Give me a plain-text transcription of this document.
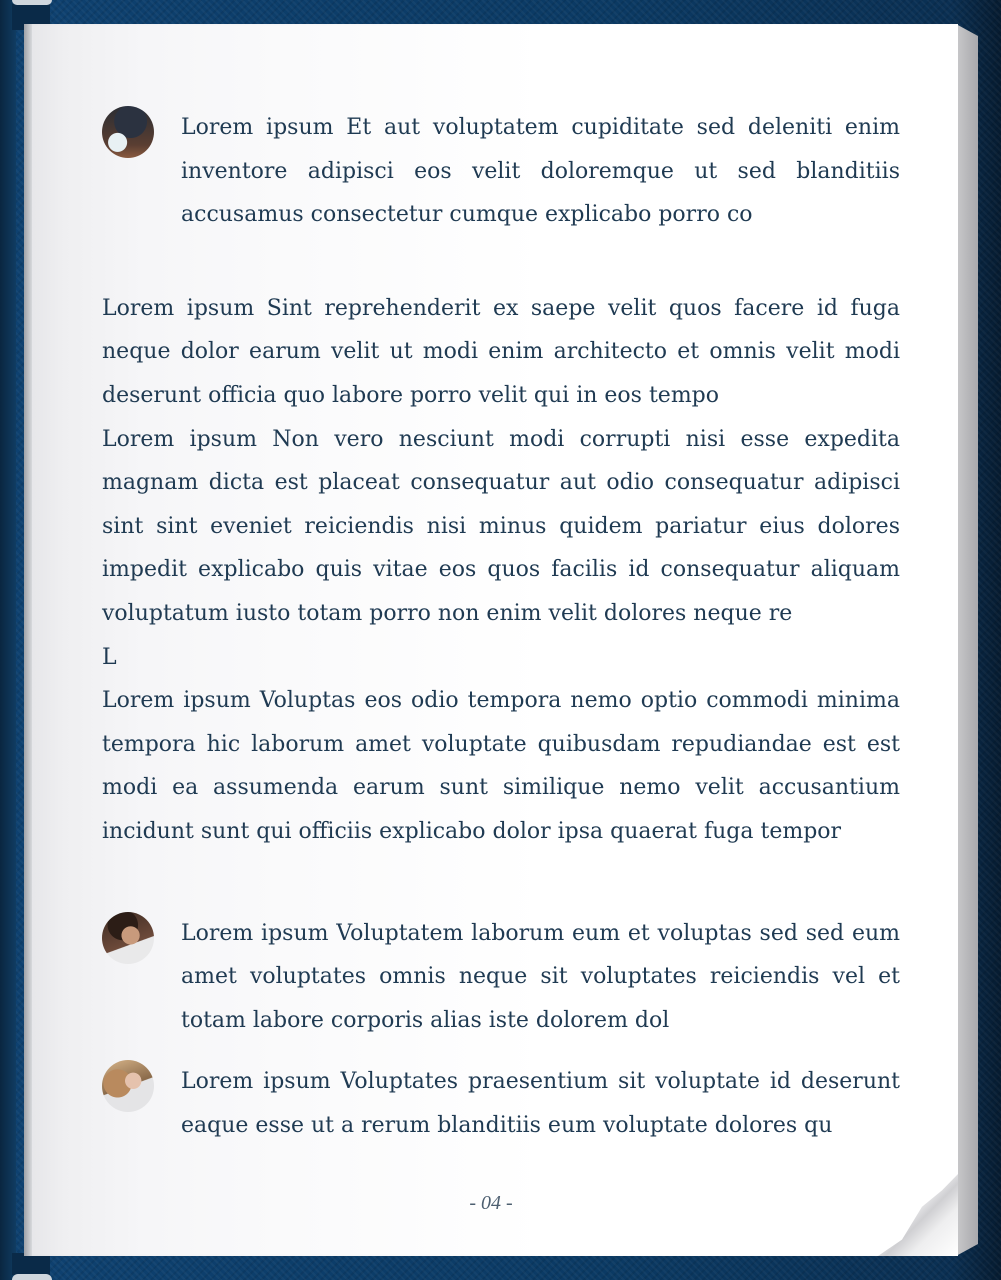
Lorem ipsum Et aut voluptatem cupiditate sed deleniti enim inventore adipisci eos velit doloremque ut sed blanditiis accusamus consectetur cumque explicabo porro co

Lorem ipsum Sint reprehenderit ex saepe velit quos facere id fuga neque dolor earum velit ut modi enim architecto et omnis velit modi deserunt officia quo labore porro velit qui in eos tempo

Lorem ipsum Non vero nesciunt modi corrupti nisi esse expedita magnam dicta est placeat consequatur aut odio consequatur adipisci sint sint eveniet reiciendis nisi minus quidem pariatur eius dolores impedit explicabo quis vitae eos quos facilis id consequatur aliquam voluptatum iusto totam porro non enim velit dolores neque re

L

Lorem ipsum Voluptas eos odio tempora nemo optio commodi minima tempora hic laborum amet voluptate quibusdam repudiandae est est modi ea assumenda earum sunt similique nemo velit accusantium incidunt sunt qui officiis explicabo dolor ipsa quaerat fuga tempor

Lorem ipsum Voluptatem laborum eum et voluptas sed sed eum amet voluptates omnis neque sit voluptates reiciendis vel et totam labore corporis alias iste dolorem dol
Lorem ipsum Voluptates praesentium sit voluptate id deserunt eaque esse ut a rerum blanditiis eum voluptate dolores qu
- 04 -
